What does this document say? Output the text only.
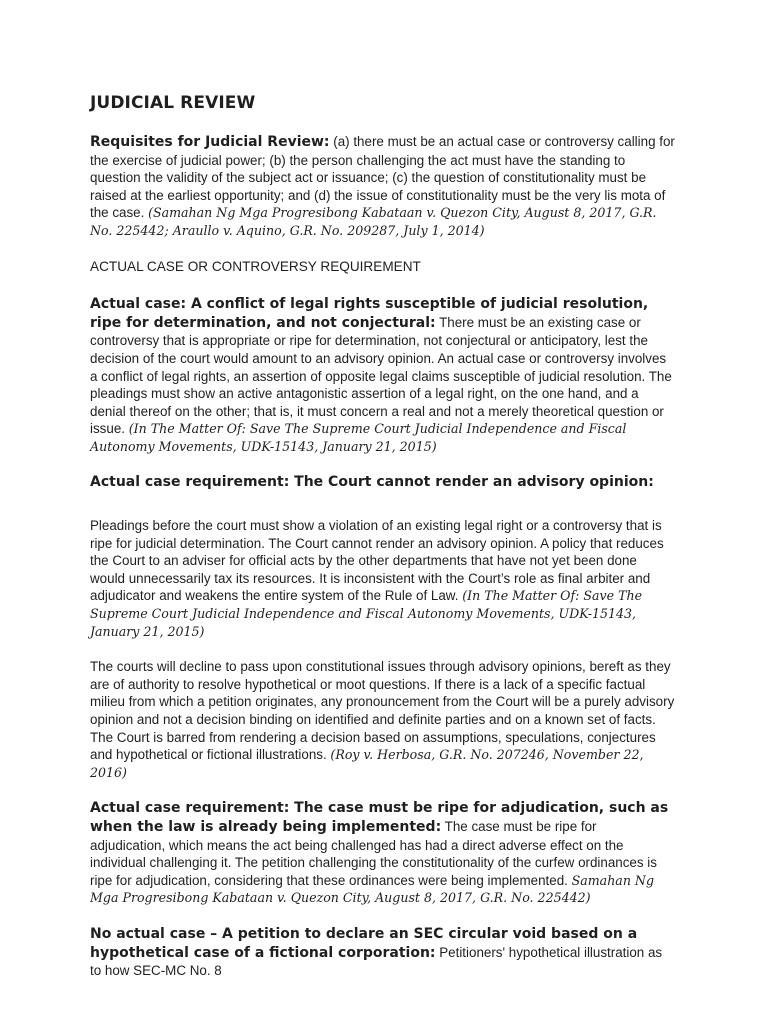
JUDICIAL REVIEW

Requisites for Judicial Review: (a) there must be an actual case or controversy calling for the exercise of judicial power; (b) the person challenging the act must have the standing to question the validity of the subject act or issuance; (c) the question of constitutionality must be raised at the earliest opportunity; and (d) the issue of constitutionality must be the very lis mota of the case. (Samahan Ng Mga Progresibong Kabataan v. Quezon City, August 8, 2017, G.R. No. 225442; Araullo v. Aquino, G.R. No. 209287, July 1, 2014)

ACTUAL CASE OR CONTROVERSY REQUIREMENT

Actual case: A conflict of legal rights susceptible of judicial resolution, ripe for determination, and not conjectural: There must be an existing case or controversy that is appropriate or ripe for determination, not conjectural or anticipatory, lest the decision of the court would amount to an advisory opinion. An actual case or controversy involves a conflict of legal rights, an assertion of opposite legal claims susceptible of judicial resolution. The pleadings must show an active antagonistic assertion of a legal right, on the one hand, and a denial thereof on the other; that is, it must concern a real and not a merely theoretical question or issue. (In The Matter Of: Save The Supreme Court Judicial Independence and Fiscal Autonomy Movements, UDK-15143, January 21, 2015)

Actual case requirement: The Court cannot render an advisory opinion:

Pleadings before the court must show a violation of an existing legal right or a controversy that is ripe for judicial determination. The Court cannot render an advisory opinion. A policy that reduces the Court to an adviser for official acts by the other departments that have not yet been done would unnecessarily tax its resources. It is inconsistent with the Court’s role as final arbiter and adjudicator and weakens the entire system of the Rule of Law. (In The Matter Of: Save The Supreme Court Judicial Independence and Fiscal Autonomy Movements, UDK-15143, January 21, 2015)

The courts will decline to pass upon constitutional issues through advisory opinions, bereft as they are of authority to resolve hypothetical or moot questions. If there is a lack of a specific factual milieu from which a petition originates, any pronouncement from the Court will be a purely advisory opinion and not a decision binding on identified and definite parties and on a known set of facts. The Court is barred from rendering a decision based on assumptions, speculations, conjectures and hypothetical or fictional illustrations. (Roy v. Herbosa, G.R. No. 207246, November 22, 2016)

Actual case requirement: The case must be ripe for adjudication, such as when the law is already being implemented: The case must be ripe for adjudication, which means the act being challenged has had a direct adverse effect on the individual challenging it. The petition challenging the constitutionality of the curfew ordinances is ripe for adjudication, considering that these ordinances were being implemented. Samahan Ng Mga Progresibong Kabataan v. Quezon City, August 8, 2017, G.R. No. 225442)

No actual case – A petition to declare an SEC circular void based on a hypothetical case of a fictional corporation: Petitioners' hypothetical illustration as to how SEC-MC No. 8
